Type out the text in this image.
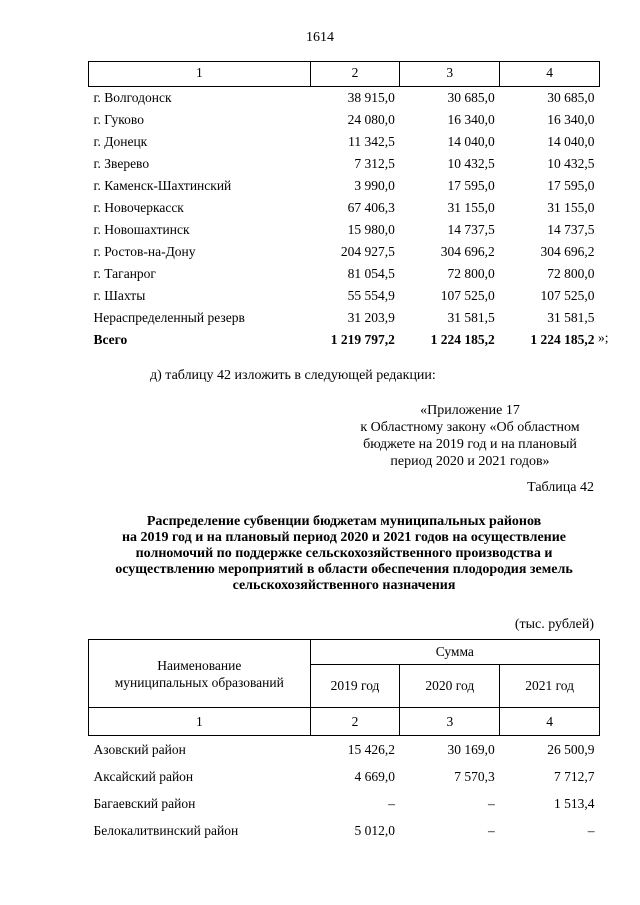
1614
1	2	3	4
г. Волгодонск	38 915,0	30 685,0	30 685,0
г. Гуково	24 080,0	16 340,0	16 340,0
г. Донецк	11 342,5	14 040,0	14 040,0
г. Зверево	7 312,5	10 432,5	10 432,5
г. Каменск-Шахтинский	3 990,0	17 595,0	17 595,0
г. Новочеркасск	67 406,3	31 155,0	31 155,0
г. Новошахтинск	15 980,0	14 737,5	14 737,5
г. Ростов-на-Дону	204 927,5	304 696,2	304 696,2
г. Таганрог	81 054,5	72 800,0	72 800,0
г. Шахты	55 554,9	107 525,0	107 525,0
Нераспределенный резерв	31 203,9	31 581,5	31 581,5
Всего	1 219 797,2	1 224 185,2	1 224 185,2 »;
д) таблицу 42 изложить в следующей редакции:
«Приложение 17
к Областному закону «Об областном
бюджете на 2019 год и на плановый
период 2020 и 2021 годов»
Таблица 42
Распределение субвенции бюджетам муниципальных районов
на 2019 год и на плановый период 2020 и 2021 годов на осуществление
полномочий по поддержке сельскохозяйственного производства и
осуществлению мероприятий в области обеспечения плодородия земель
сельскохозяйственного назначения
(тыс. рублей)
Наименование
муниципальных образований	Сумма		
	2019 год	2020 год	2021 год
1	2	3	4
Азовский район	15 426,2	30 169,0	26 500,9
Аксайский район	4 669,0	7 570,3	7 712,7
Багаевский район	–	–	1 513,4
Белокалитвинский район	5 012,0	–	–
